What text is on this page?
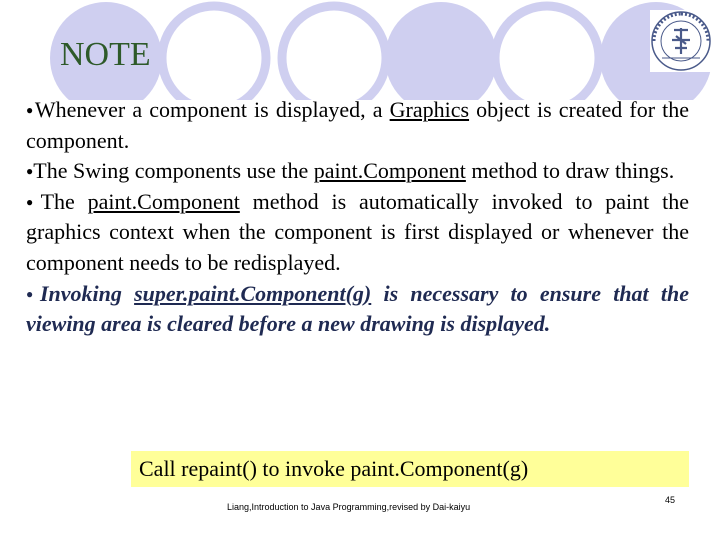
NOTE

●Whenever a component is displayed, a Graphics object is created for the component.

●The Swing components use the paint.Component method to draw things.

●The paint.Component method is automatically invoked to paint the graphics context when the component is first displayed or whenever the component needs to be redisplayed.

●Invoking super.paint.Component(g) is necessary to ensure that the viewing area is cleared before a new drawing is displayed.

Call repaint() to invoke paint.Component(g)
Liang,Introduction to Java Programming,revised by Dai-kaiyu
45
